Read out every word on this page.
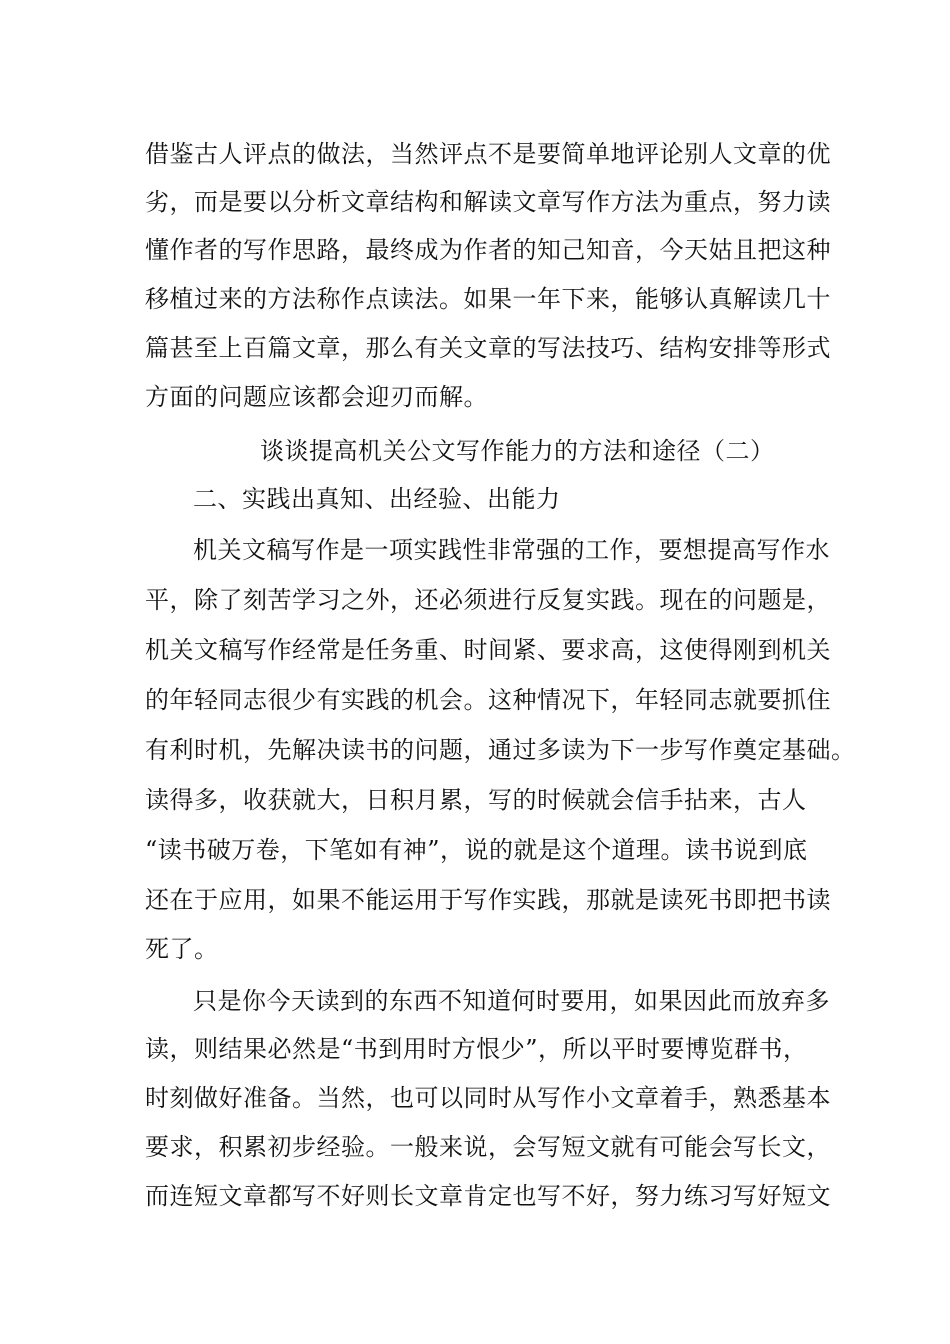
借鉴古人评点的做法，当然评点不是要简单地评论别人文章的优
劣，而是要以分析文章结构和解读文章写作方法为重点，努力读
懂作者的写作思路，最终成为作者的知己知音，今天姑且把这种
移植过来的方法称作点读法。如果一年下来，能够认真解读几十
篇甚至上百篇文章，那么有关文章的写法技巧、结构安排等形式
方面的问题应该都会迎刃而解。
谈谈提高机关公文写作能力的方法和途径（二）
二、实践出真知、出经验、出能力
机关文稿写作是一项实践性非常强的工作，要想提高写作水
平，除了刻苦学习之外，还必须进行反复实践。现在的问题是，
机关文稿写作经常是任务重、时间紧、要求高，这使得刚到机关
的年轻同志很少有实践的机会。这种情况下，年轻同志就要抓住
有利时机，先解决读书的问题，通过多读为下一步写作奠定基础。
读得多，收获就大，日积月累，写的时候就会信手拈来，古人
“读书破万卷，下笔如有神”，说的就是这个道理。读书说到底
还在于应用，如果不能运用于写作实践，那就是读死书即把书读
死了。
只是你今天读到的东西不知道何时要用，如果因此而放弃多
读，则结果必然是“书到用时方恨少”，所以平时要博览群书，
时刻做好准备。当然，也可以同时从写作小文章着手，熟悉基本
要求，积累初步经验。一般来说，会写短文就有可能会写长文，
而连短文章都写不好则长文章肯定也写不好，努力练习写好短文
